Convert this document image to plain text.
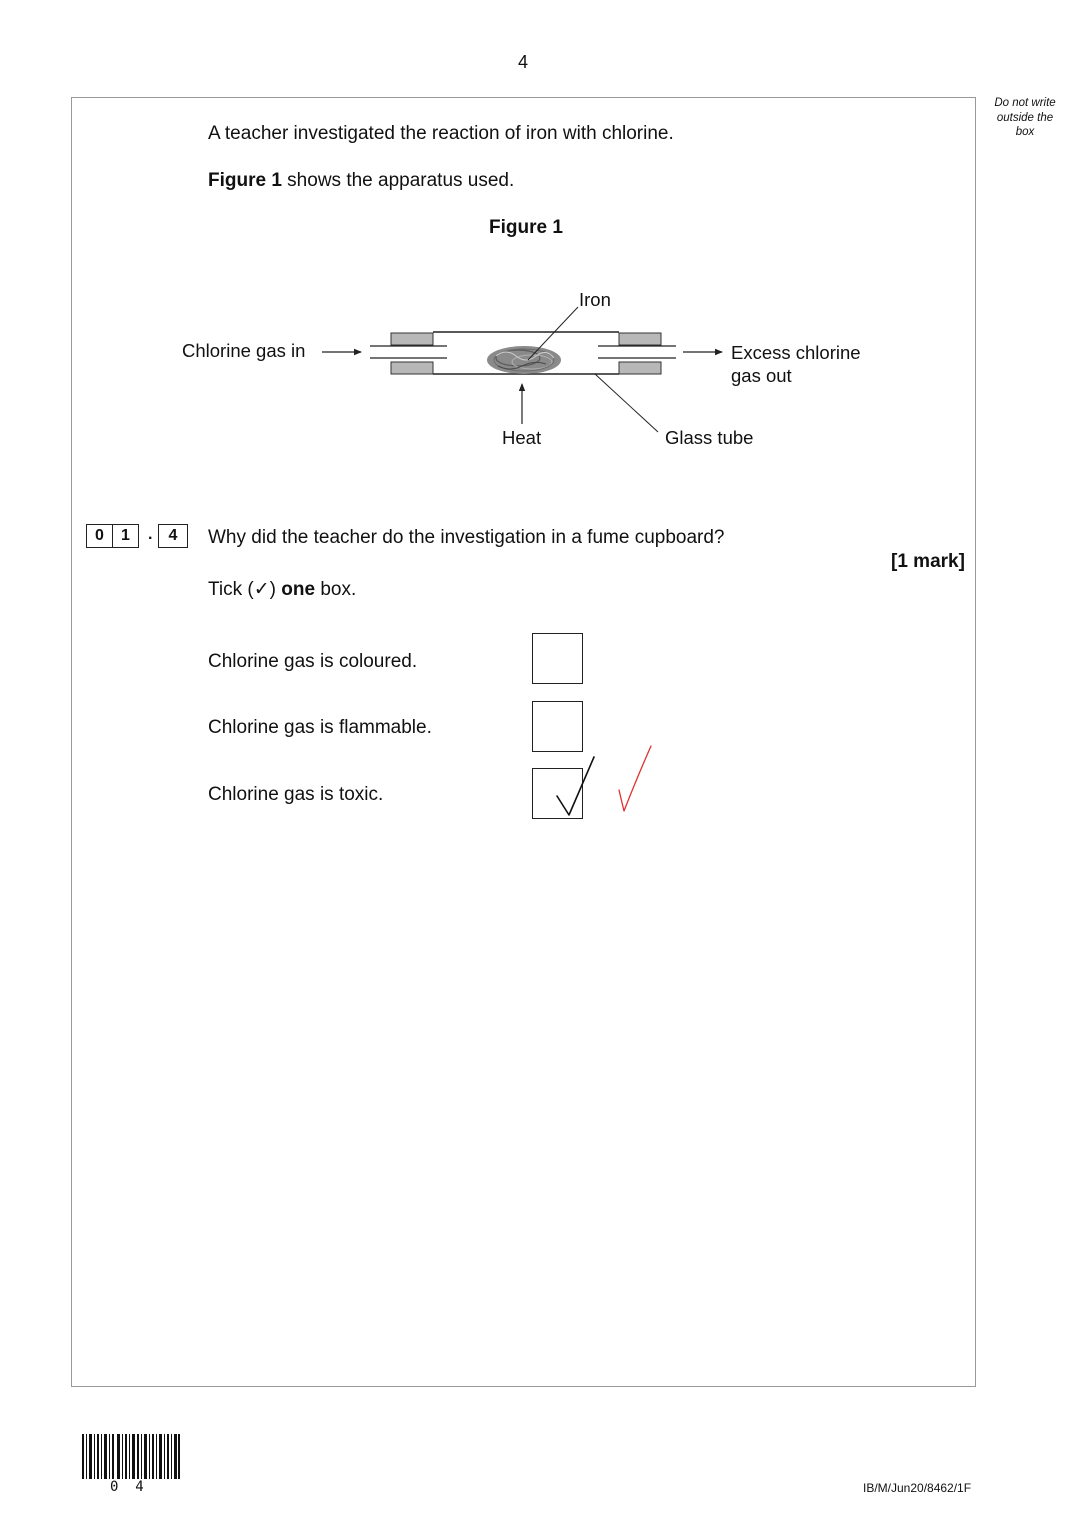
4
Do not write
outside the
box
A teacher investigated the reaction of iron with chlorine.
Figure 1 shows the apparatus used.
Figure 1
Iron
Chlorine gas in	Excess chlorine
gas out
Heat	Glass tube
0	1	.	4	Why did the teacher do the investigation in a fume cupboard?
[1 mark]
Tick (✓) one box.
Chlorine gas is coloured.
Chlorine gas is flammable.
Chlorine gas is toxic.
0  4	IB/M/Jun20/8462/1F
